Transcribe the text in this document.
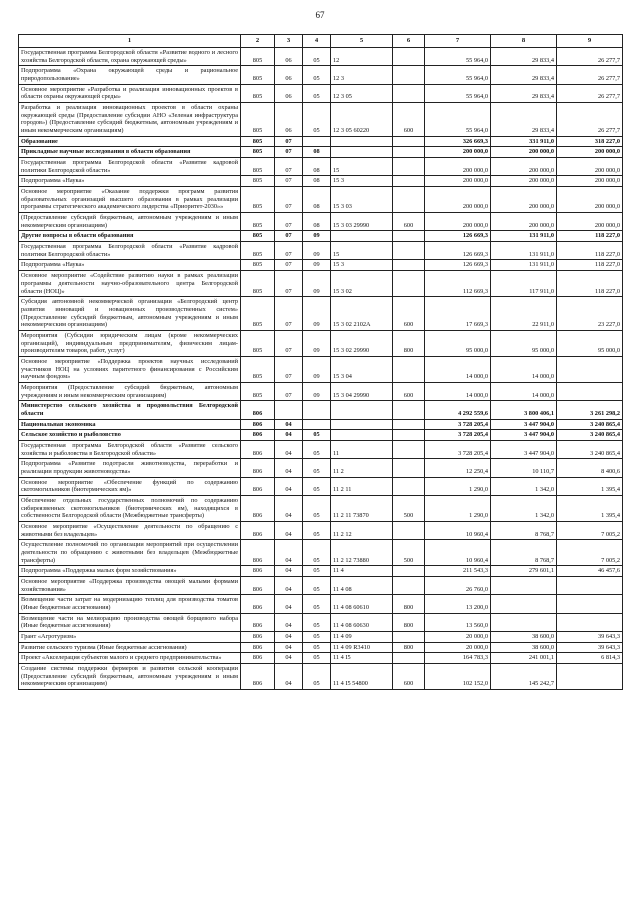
67
1	2	3	4	5	6	7	8	9
Государственная программа Белгородской области «Развитие водного и лесного хозяйства Белгородской области, охрана окружающей среды»	805	06	05	12		55 964,0	29 833,4	26 277,7
Подпрограмма «Охрана окружающей среды и рациональное природопользование»	805	06	05	12 3		55 964,0	29 833,4	26 277,7
Основное мероприятие «Разработка и реализация инновационных проектов в области охраны окружающей среды»	805	06	05	12 3 05		55 964,0	29 833,4	26 277,7
Разработка и реализация инновационных проектов в области охраны окружающей среды (Предоставление субсидии АНО «Зеленая инфраструктура городов») (Предоставление субсидий бюджетным, автономным учреждениям и иным некоммерческим организациям)	805	06	05	12 3 05 60220	600	55 964,0	29 833,4	26 277,7
Образование	805	07				326 669,3	331 911,0	318 227,0
Прикладные научные исследования в области образования	805	07	08			200 000,0	200 000,0	200 000,0
Государственная программа Белгородской области «Развитие кадровой политики Белгородской области»	805	07	08	15		200 000,0	200 000,0	200 000,0
Подпрограмма «Наука»	805	07	08	15 3		200 000,0	200 000,0	200 000,0
Основное мероприятие «Оказание поддержки программ развития образовательных организаций высшего образования в рамках реализации программы стратегического академического лидерства «Приоритет-2030»»	805	07	08	15 3 03		200 000,0	200 000,0	200 000,0
(Предоставление субсидий бюджетным, автономным учреждениям и иным некоммерческим организациям)	805	07	08	15 3 03 29990	600	200 000,0	200 000,0	200 000,0
Другие вопросы в области образования	805	07	09			126 669,3	131 911,0	118 227,0
Государственная программа Белгородской области «Развитие кадровой политики Белгородской области»	805	07	09	15		126 669,3	131 911,0	118 227,0
Подпрограмма «Наука»	805	07	09	15 3		126 669,3	131 911,0	118 227,0
Основное мероприятие «Содействие развитию науки в рамках реализации программы деятельности научно-образовательного центра Белгородской области (НОЦ)»	805	07	09	15 3 02		112 669,3	117 911,0	118 227,0
Субсидия автономной некоммерческой организации «Белгородский центр развития инноваций и новационных производственных систем» (Предоставление субсидий бюджетным, автономным учреждениям и иным некоммерческим организациям)	805	07	09	15 3 02 2102А	600	17 669,3	22 911,0	23 227,0
Мероприятия (Субсидии юридическим лицам (кроме некоммерческих организаций), индивидуальным предпринимателям, физическим лицам-производителям товаров, работ, услуг)	805	07	09	15 3 02 29990	800	95 000,0	95 000,0	95 000,0
Основное мероприятие «Поддержка проектов научных исследований участников НОЦ на условиях паритетного финансирования с Российским научным фондом»	805	07	09	15 3 04		14 000,0	14 000,0	
Мероприятия (Предоставление субсидий бюджетным, автономным учреждениям и иным некоммерческим организациям)	805	07	09	15 3 04 29990	600	14 000,0	14 000,0	
Министерство сельского хозяйства и продовольствия Белгородской области	806					4 292 559,6	3 800 406,1	3 261 298,2
Национальная экономика	806	04				3 728 205,4	3 447 904,0	3 240 865,4
Сельское хозяйство и рыболовство	806	04	05			3 728 205,4	3 447 904,0	3 240 865,4
Государственная программа Белгородской области «Развитие сельского хозяйства и рыболовства в Белгородской области»	806	04	05	11		3 728 205,4	3 447 904,0	3 240 865,4
Подпрограмма «Развитие подотрасли животноводства, переработки и реализации продукции животноводства»	806	04	05	11 2		12 250,4	10 110,7	8 400,6
Основное мероприятие «Обеспечение функций по содержанию скотомогильников (биотермических ям)»	806	04	05	11 2 11		1 290,0	1 342,0	1 395,4
Обеспечение отдельных государственных полномочий по содержанию сибиреязвенных скотомогильников (биотермических ям), находящихся в собственности Белгородской области (Межбюджетные трансферты)	806	04	05	11 2 11 73870	500	1 290,0	1 342,0	1 395,4
Основное мероприятие «Осуществление деятельности по обращению с животными без владельцев»	806	04	05	11 2 12		10 960,4	8 768,7	7 005,2
Осуществление полномочий по организации мероприятий при осуществлении деятельности по обращению с животными без владельцев (Межбюджетные трансферты)	806	04	05	11 2 12 73880	500	10 960,4	8 768,7	7 005,2
Подпрограмма «Поддержка малых форм хозяйствования»	806	04	05	11 4		211 543,3	279 601,1	46 457,6
Основное мероприятие «Поддержка производства овощей малыми формами хозяйствования»	806	04	05	11 4 08		26 760,0		
Возмещение части затрат на модернизацию теплиц для производства томатов (Иные бюджетные ассигнования)	806	04	05	11 4 08 60610	800	13 200,0		
Возмещение части на мелиорацию производства овощей борщевого набора (Иные бюджетные ассигнования)	806	04	05	11 4 08 60630	800	13 560,0		
Грант «Агротуризм»	806	04	05	11 4 09		20 000,0	38 600,0	39 643,3
Развитие сельского туризма (Иные бюджетные ассигнования)	806	04	05	11 4 09 R3410	800	20 000,0	38 600,0	39 643,3
Проект «Акселерация субъектов малого и среднего предпринимательства»	806	04	05	11 4 I5		164 783,3	241 001,1	6 814,3
Создание системы поддержки фермеров и развития сельской кооперации (Предоставление субсидий бюджетным, автономным учреждениям и иным некоммерческим организациям)	806	04	05	11 4 I5 54800	600	102 152,0	145 242,7	
